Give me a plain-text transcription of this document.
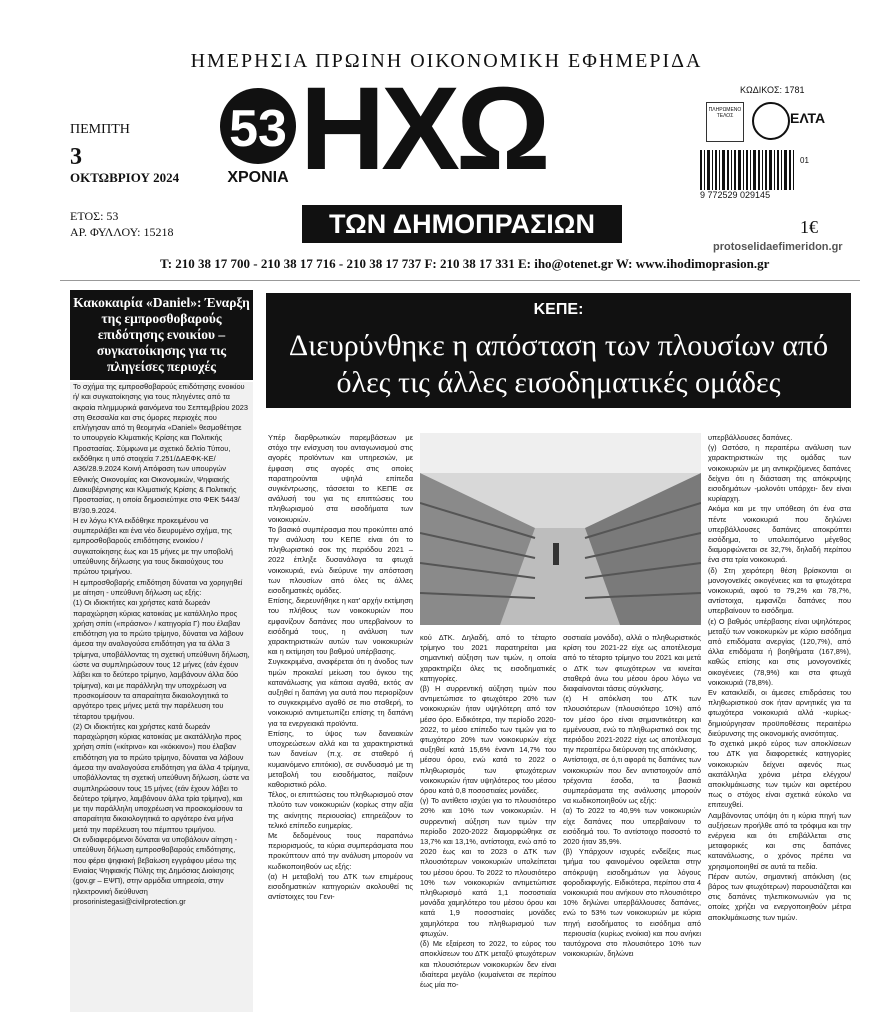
ΗΜΕΡΗΣΙΑ ΠΡΩΙΝΗ ΟΙΚΟΝΟΜΙΚΗ ΕΦΗΜΕΡΙΔΑ
53
ΧΡΟΝΙΑ ΗΧΩ
ΤΩΝ ΔΗΜΟΠΡΑΣΙΩΝ
ΠΕΜΠΤΗ
3
ΟΚΤΩΒΡΙΟΥ 2024
ΕΤΟΣ: 53
ΑΡ. ΦΥΛΛΟΥ: 15218
ΚΩΔΙΚΟΣ: 1781
ΠΛΗΡΩΜΕΝΟ ΤΕΛΟΣ	ΕΛΤΑ
01
9 772529 029145
1€
protoselidaefimeridon.gr
T: 210 38 17 700 - 210 38 17 716 - 210 38 17 737 F: 210 38 17 331 E: iho@otenet.gr W: www.ihodimoprasion.gr
Κακοκαιρία «Daniel»: Έναρξη της εμπροσθοβαρούς επιδότησης ενοικίου – συγκατοίκησης για τις πληγείσες περιοχές

Το σχήμα της εμπροσθοβαρούς επιδότησης ενοικίου ή/ και συγκατοίκησης για τους πληγέντες από τα ακραία πλημμυρικά φαινόμενα του Σεπτεμβρίου 2023 στη Θεσσαλία και στις όμορες περιοχές που επλήγησαν από τη θεομηνία «Daniel» θεσμοθέτησε το υπουργείο Κλιματικής Κρίσης και Πολιτικής Προστασίας. Σύμφωνα με σχετικό δελτίο Τύπου, εκδόθηκε η υπό στοιχεία 7.251/ΔΑΕΦΚ-ΚΕ/Α36/28.9.2024 Κοινή Απόφαση των υπουργών Εθνικής Οικονομίας και Οικονομικών, Ψηφιακής Διακυβέρνησης και Κλιματικής Κρίσης & Πολιτικής Προστασίας, η οποία δημοσιεύτηκε στο ΦΕΚ 5443/Β'/30.9.2024.

Η εν λόγω ΚΥΑ εκδόθηκε προκειμένου να συμπεριλάβει και ένα νέο διευρυμένο σχήμα, της εμπροσθοβαρούς επιδότησης ενοικίου / συγκατοίκησης έως και 15 μήνες με την υποβολή υπεύθυνης δήλωσης για τους δικαιούχους του πρώτου τριμήνου.

Η εμπροσθοβαρής επιδότηση δύναται να χορηγηθεί με αίτηση - υπεύθυνη δήλωση ως εξής:

(1) Οι ιδιοκτήτες και χρήστες κατά δωρεάν παραχώρηση κύριας κατοικίας με κατάλληλο προς χρήση σπίτι («πράσινο» / κατηγορία Γ) που έλαβαν επιδότηση για το πρώτο τρίμηνο, δύναται να λάβουν άμεσα την αναλογούσα επιδότηση για τα άλλα 3 τρίμηνα, υποβάλλοντας τη σχετική υπεύθυνη δήλωση, ώστε να συμπληρώσουν τους 12 μήνες (εάν έχουν λάβει και το δεύτερο τρίμηνο, λαμβάνουν άλλα δύο τρίμηνα), και με παράλληλη την υποχρέωση να προσκομίσουν τα απαραίτητα δικαιολογητικά το αργότερο τρεις μήνες μετά την παρέλευση του τέταρτου τριμήνου.

(2) Οι ιδιοκτήτες και χρήστες κατά δωρεάν παραχώρηση κύριας κατοικίας με ακατάλληλο προς χρήση σπίτι («κίτρινο» και «κόκκινο») που έλαβαν επιδότηση για το πρώτο τρίμηνο, δύναται να λάβουν άμεσα την αναλογούσα επιδότηση για άλλα 4 τρίμηνα, υποβάλλοντας τη σχετική υπεύθυνη δήλωση, ώστε να συμπληρώσουν τους 15 μήνες (εάν έχουν λάβει το δεύτερο τρίμηνο, λαμβάνουν άλλα τρία τρίμηνα), και με την παράλληλη υποχρέωση να προσκομίσουν τα απαραίτητα δικαιολογητικά το αργότερο ένα μήνα μετά την παρέλευση του πέμπτου τριμήνου.

Οι ενδιαφερόμενοι δύναται να υποβάλουν αίτηση - υπεύθυνη δήλωση εμπροσθοβαρούς επιδότησης, που φέρει ψηφιακή βεβαίωση εγγράφου μέσω της Ενιαίας Ψηφιακής Πύλης της Δημόσιας Διοίκησης (gov.gr – ΕΨΠ), στην αρμόδια υπηρεσία, στην ηλεκτρονική διεύθυνση prosorinistegasi@civilprotection.gr

ΚΕΠΕ:
Διευρύνθηκε η απόσταση των πλουσίων από όλες τις άλλες εισοδηματικές ομάδες

Υπέρ διαρθρωτικών παρεμβάσεων με στόχο την ενίσχυση του ανταγωνισμού στις αγορές προϊόντων και υπηρεσιών, με έμφαση στις αγορές στις οποίες παρατηρούνται υψηλά επίπεδα συγκέντρωσης, τάσσεται το ΚΕΠΕ σε ανάλυσή του για τις επιπτώσεις του πληθωρισμού στα εισοδήματα των νοικοκυριών.

Το βασικό συμπέρασμα που προκύπτει από την ανάλυση του ΚΕΠΕ είναι ότι το πληθωριστικό σοκ της περιόδου 2021 – 2022 έπληξε δυσανάλογα τα φτωχά νοικοκυριά, ενώ διεύρυνε την απόσταση των πλουσίων από όλες τις άλλες εισοδηματικές ομάδες.

Επίσης, διερευνήθηκε η κατ' αρχήν εκτίμηση του πλήθους των νοικοκυριών που εμφανίζουν δαπάνες που υπερβαίνουν το εισόδημά τους, η ανάλυση των χαρακτηριστικών αυτών των νοικοκυριών και η εκτίμηση του βαθμού υπέρβασης.

Συγκεκριμένα, αναφέρεται ότι η άνοδος των τιμών προκαλεί μείωση του όγκου της κατανάλωσης για κάποια αγαθά, εκτός αν αυξηθεί η δαπάνη για αυτά που περιορίζουν το συγκεκριμένο αγαθό σε πιο σταθερή, το νοικοκυριό αντιμετωπίζει επίσης τη δαπάνη για τα ενεργειακά προϊόντα.

Επίσης, το ύψος των δανειακών υποχρεώσεων αλλά και τα χαρακτηριστικά των δανείων (π.χ. σε σταθερό ή κυμαινόμενο επιτόκιο), σε συνδυασμό με τη μεταβολή του εισοδήματος, παίζουν καθοριστικό ρόλο.

Τέλος, οι επιπτώσεις του πληθωρισμού στον πλούτο των νοικοκυριών (κορίως στην αξία της ακίνητης περιουσίας) επηρεάζουν το τελικό επίπεδο ευημερίας.

Με δεδομένους τους παραπάνω περιορισμούς, τα κύρια συμπεράσματα που προκύπτουν από την ανάλυση μπορούν να κωδικοποιηθούν ως εξής:

(α) Η μεταβολή του ΔΤΚ των επιμέρους εισοδηματικών κατηγοριών ακολουθεί τις αντίστοιχες του Γενι-

κού ΔΤΚ. Δηλαδή, από το τέταρτο τρίμηνο του 2021 παρατηρείται μια σημαντική αύξηση των τιμών, η οποία χαρακτηρίζει όλες τις εισοδηματικές κατηγορίες.

(β) Η συρρεντική αύξηση τιμών που αντιμετώπισε το φτωχότερο 20% των νοικοκυριών ήταν υψηλότερη από τον μέσο όρο. Ειδικότερα, την περίοδο 2020-2022, το μέσο επίπεδο των τιμών για το φτωχότερο 20% των νοικοκυριών είχε αυξηθεί κατά 15,6% έναντι 14,7% του μέσου όρου, ενώ κατά το 2022 ο πληθωρισμός των φτωχότερων νοικοκυριών ήταν υψηλότερος του μέσου όρου κατά 0,8 ποσοστιαίες μονάδες.

(γ) Το αντίθετο ισχύει για το πλουσιότερο 20% και 10% των νοικοκυριών. Η συρρεντική αύξηση των τιμών την περίοδο 2020-2022 διαμορφώθηκε σε 13,7% και 13,1%, αντίστοιχα, ενώ από το 2020 έως και το 2023 ο ΔΤΚ των πλουσιότερων νοικοκυριών υπολείπεται του μέσου όρου. Το 2022 το πλουσιότερο 10% των νοικοκυριών αντιμετώπισε πληθωρισμό κατά 1,1 ποσοστιαία μονάδα χαμηλότερο του μέσου όρου και κατά 1,9 ποσοστιαίες μονάδες χαμηλότερα του πληθωρισμού των φτωχών.

(δ) Με εξαίρεση το 2022, το εύρος του αποκλίσεων του ΔΤΚ μεταξύ φτωχότερων και πλουσιότερων νοικοκυριών δεν είναι ιδιαίτερα μεγάλο (κυμαίνεται σε περίπου έως μία πο-

σοστιαία μονάδα), αλλά ο πληθωριστικός κρίση του 2021-22 είχε ως αποτέλεσμα από το τέταρτο τρίμηνο του 2021 και μετά ο ΔΤΚ των φτωχότερων να κινείται σταθερά άνω του μέσου όρου λόγω να διαφαίνονται τάσεις σύγκλισης.

(ε) Η απόκλιση του ΔΤΚ των πλουσιότερων (πλουσιότερο 10%) από τον μέσο όρο είναι σημαντικότερη και εμμένουσα, ενώ το πληθωριστικό σοκ της περιόδου 2021-2022 είχε ως αποτέλεσμα την περαιτέρω διεύρυνση της απόκλισης.

Αντίστοιχα, σε ό,τι αφορά τις δαπάνες των νοικοκυριών που δεν αντιστοιχούν από τρέχοντα έσοδα, τα βασικά συμπεράσματα της ανάλυσης μπορούν να κωδικοποιηθούν ως εξής:

(α) Το 2022 το 40,9% των νοικοκυριών είχε δαπάνες που υπερβαίνουν το εισόδημά του. Το αντίστοιχο ποσοστό το 2020 ήταν 35,9%.

(β) Υπάρχουν ισχυρές ενδείξεις πως τμήμα του φαινομένου οφείλεται στην απόκρυψη εισοδημάτων για λόγους φοροδιαφυγής. Ειδικότερα, περίπου στα 4 νοικοκυριά που ανήκουν στο πλουσιότερο 10% δηλώνει υπερβάλλουσες δαπάνες, ενώ το 53% των νοικοκυριών με κύρια πηγή εισοδήματος το εισόδημα από περιουσία (κυρίως ενοίκια) και που ανήκει ταυτόχρονα στο πλουσιότερο 10% των νοικοκυριών, δηλώνει

υπερβάλλουσες δαπάνες.

(γ) Ωστόσο, η περαιτέρω ανάλυση των χαρακτηριστικών της ομάδας των νοικοκυριών με μη αντικριζόμενες δαπάνες δείχνει ότι η διάσταση της απόκρυψης εισοδημάτων -μολονότι υπάρχει- δεν είναι κυρίαρχη.

Ακόμα και με την υπόθεση ότι ένα στα πέντε νοικοκυριά που δηλώνει υπερβάλλουσες δαπάνες αποκρύπτει εισόδημα, το υπολειπόμενο μέγεθος διαμορφώνεται σε 32,7%, δηλαδή περίπου ένα στα τρία νοικοκυριά.

(δ) Στη χειρότερη θέση βρίσκονται οι μονογονεϊκές οικογένειες και τα φτωχότερα νοικοκυριά, αφού το 79,2% και 78,7%, αντίστοιχα, εμφανίζει δαπάνες που υπερβαίνουν το εισόδημα.

(ε) Ο βαθμός υπέρβασης είναι υψηλότερος μεταξύ των νοικοκυριών με κύριο εισόδημα από επιδόματα ανεργίας (120,7%), από άλλα επιδόματα ή βοηθήματα (167,8%), καθώς επίσης και στις μονογονεϊκές οικογένειες (78,9%) και στα φτωχά νοικοκυριά (78,8%).

Εν κατακλείδι, οι άμεσες επιδράσεις του πληθωριστικού σοκ ήταν αρνητικές για τα φτωχότερα νοικοκυριά αλλά -κυρίως- δημιούργησαν προϋποθέσεις περαιτέρω διεύρυνσης της οικονομικής ανισότητας.

Το σχετικά μικρό εύρος των αποκλίσεων του ΔΤΚ για διαφορετικές κατηγορίες νοικοκυριών δείχνει αφενός πως ακατάλληλα χρόνια μέτρα ελέγχου/αποκλιμάκωσης των τιμών και αφετέρου πως ο στόχος είναι σχετικά εύκολο να επιτευχθεί.

Λαμβάνοντας υπόψη ότι η κύρια πηγή των αυξήσεων προήλθε από τα τρόφιμα και την ενέργεια και ότι επιβάλλεται στις μεταφορικές και στις δαπάνες κατανάλωσης, ο χρόνος πρέπει να χρησιμοποιηθεί σε αυτά τα πεδία.

Πέραν αυτών, σημαντική απόκλιση (εις βάρος των φτωχότερων) παρουσιάζεται και στις δαπάνες τηλεπικοινωνιών για τις οποίες χρήζει να ενεργοποιηθούν μέτρα αποκλιμάκωσης των τιμών.
